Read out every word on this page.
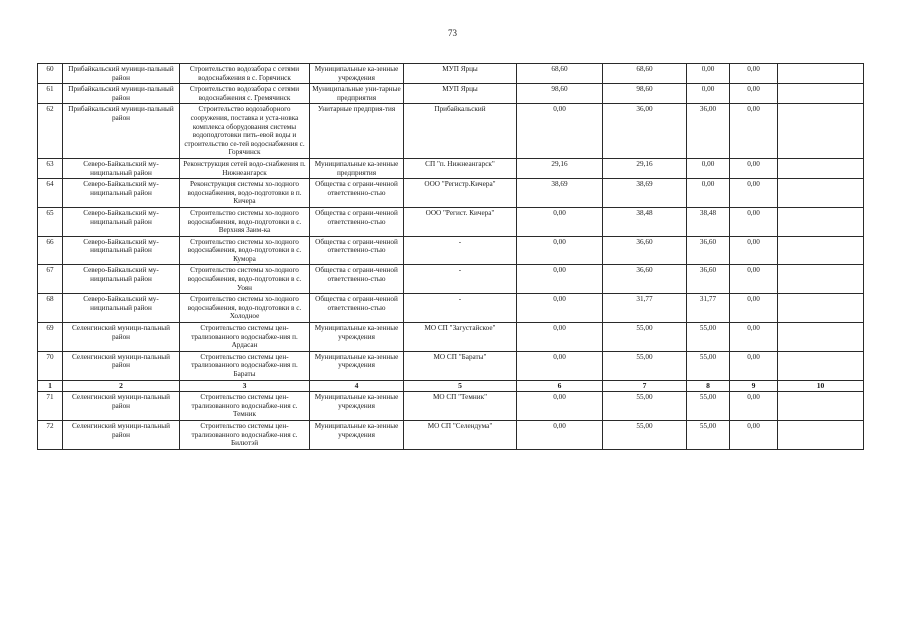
73
60	Прибайкальский муници-пальный район	Строительство водозабора с сетями водоснабжения в с. Горячинск	Муниципальные ка-зенные учреждения	МУП Ярцы	68,60	68,60	0,00	0,00	
61	Прибайкальский муници-пальный район	Строительство водозабора с сетями водоснабжения с. Гремячинск	Муниципальные уни-тарные предприятия	МУП Ярцы	98,60	98,60	0,00	0,00	
62	Прибайкальский муници-пальный район	Строительство водозаборного сооружения, поставка и уста-новка комплекса оборудования системы водоподготовки пить-евой воды и строительство се-тей водоснабжения с. Горячинск	Унитарные предприя-тия	Прибайкальский	0,00	36,00	36,00	0,00	
63	Северо-Байкальский му-ниципальный район	Реконструкция сетей водо-снабжения п. Нижнеангарск	Муниципальные ка-зенные предприятия	СП "п. Нижнеангарск"	29,16	29,16	0,00	0,00	
64	Северо-Байкальский му-ниципальный район	Реконструкция системы хо-лодного водоснабжения, водо-подготовки в п. Кичера	Общества с ограни-ченной ответственно-стью	ООО "Регистр.Кичера"	38,69	38,69	0,00	0,00	
65	Северо-Байкальский му-ниципальный район	Строительство системы хо-лодного водоснабжения, водо-подготовки в с. Верхняя Заим-ка	Общества с ограни-ченной ответственно-стью	ООО "Регист. Кичера"	0,00	38,48	38,48	0,00	
66	Северо-Байкальский му-ниципальный район	Строительство системы хо-лодного водоснабжения, водо-подготовки в с. Кумора	Общества с ограни-ченной ответственно-стью	-	0,00	36,60	36,60	0,00	
67	Северо-Байкальский му-ниципальный район	Строительство системы хо-лодного водоснабжения, водо-подготовки в с. Уоян	Общества с ограни-ченной ответственно-стью	-	0,00	36,60	36,60	0,00	
68	Северо-Байкальский му-ниципальный район	Строительство системы хо-лодного водоснабжения, водо-подготовки в с. Холодное	Общества с ограни-ченной ответственно-стью	-	0,00	31,77	31,77	0,00	
69	Селенгинский муници-пальный район	Строительство системы цен-трализованного водоснабже-ния п. Ардасан	Муниципальные ка-зенные учреждения	МО СП "Загустайское"	0,00	55,00	55,00	0,00	
70	Селенгинский муници-пальный район	Строительство системы цен-трализованного водоснабже-ния п. Бараты	Муниципальные ка-зенные учреждения	МО СП "Бараты"	0,00	55,00	55,00	0,00	
1	2	3	4	5	6	7	8	9	10
71	Селенгинский муници-пальный район	Строительство системы цен-трализованного водоснабже-ния с. Темник	Муниципальные ка-зенные учреждения	МО СП "Темник"	0,00	55,00	55,00	0,00	
72	Селенгинский муници-пальный район	Строительство системы цен-трализованного водоснабже-ния с. Билютэй	Муниципальные ка-зенные учреждения	МО СП "Селендума"	0,00	55,00	55,00	0,00	
